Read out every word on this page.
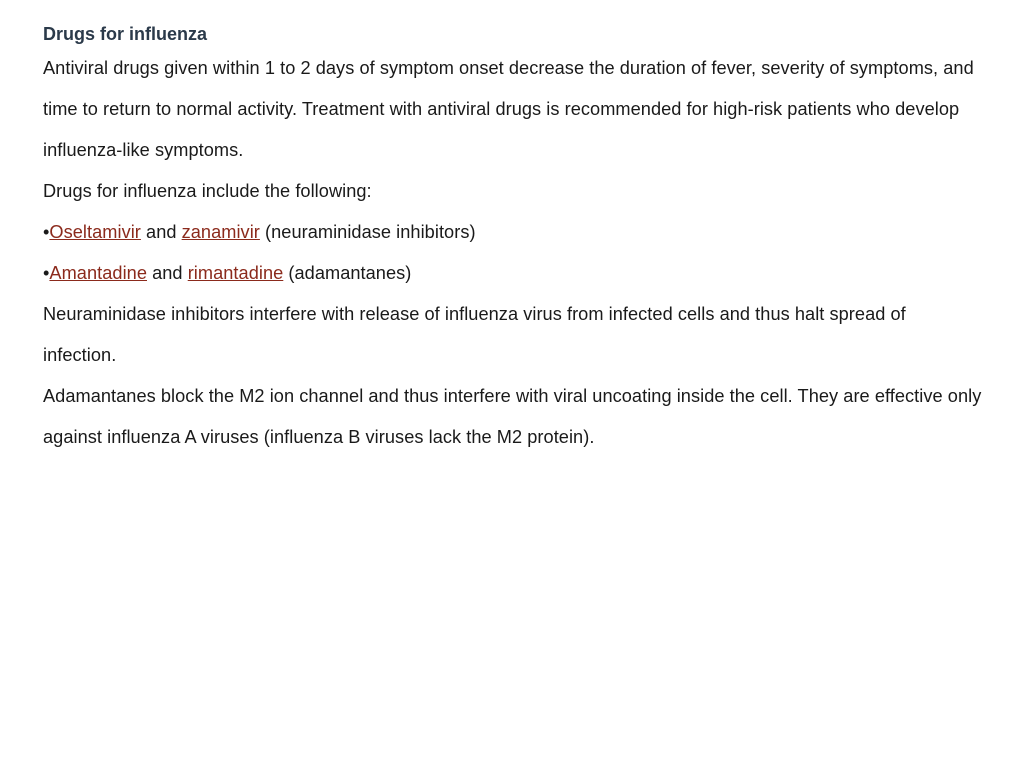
Drugs for influenza

Antiviral drugs given within 1 to 2 days of symptom onset decrease the duration of fever, severity of symptoms, and time to return to normal activity. Treatment with antiviral drugs is recommended for high-risk patients who develop influenza-like symptoms.

Drugs for influenza include the following:

•Oseltamivir and zanamivir (neuraminidase inhibitors)

•Amantadine and rimantadine (adamantanes)

Neuraminidase inhibitors interfere with release of influenza virus from infected cells and thus halt spread of infection.

Adamantanes block the M2 ion channel and thus interfere with viral uncoating inside the cell. They are effective only against influenza A viruses (influenza B viruses lack the M2 protein).
